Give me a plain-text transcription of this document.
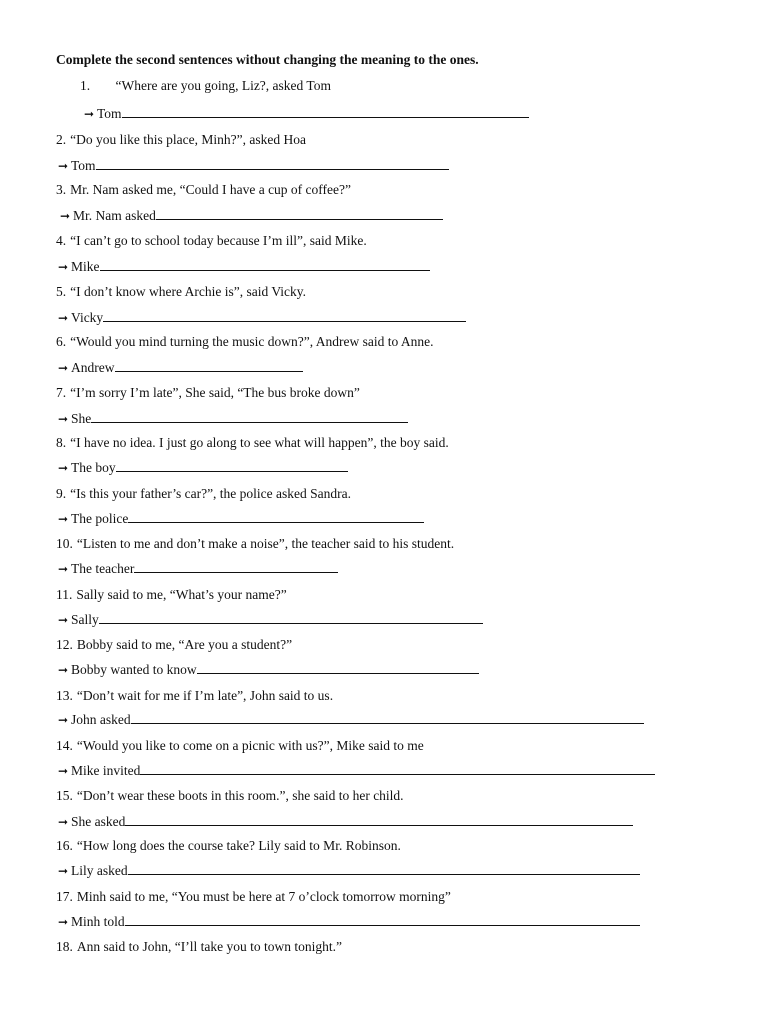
Complete the second sentences without changing the meaning to the ones.
1. “Where are you going, Liz?, asked Tom
➞ Tom
2. “Do you like this place, Minh?”, asked Hoa
➞ Tom
3. Mr. Nam asked me, “Could I have a cup of coffee?”
➞ Mr. Nam asked
4. “I can’t go to school today because I’m ill”, said Mike.
➞ Mike
5. “I don’t know where Archie is”, said Vicky.
➞ Vicky
6. “Would you mind turning the music down?”, Andrew said to Anne.
➞ Andrew
7. “I’m sorry I’m late”, She said, “The bus broke down”
➞ She
8. “I have no idea. I just go along to see what will happen”, the boy said.
➞ The boy
9. “Is this your father’s car?”, the police asked Sandra.
➞ The police
10. “Listen to me and don’t make a noise”, the teacher said to his student.
➞ The teacher
11. Sally said to me, “What’s your name?”
➞ Sally
12. Bobby said to me, “Are you a student?”
➞ Bobby wanted to know
13. “Don’t wait for me if I’m late”, John said to us.
➞ John asked
14. “Would you like to come on a picnic with us?”, Mike said to me
➞ Mike invited
15. “Don’t wear these boots in this room.”, she said to her child.
➞ She asked
16. “How long does the course take? Lily said to Mr. Robinson.
➞ Lily asked
17. Minh said to me, “You must be here at 7 o’clock tomorrow morning”
➞ Minh told
18. Ann said to John, “I’ll take you to town tonight.”
